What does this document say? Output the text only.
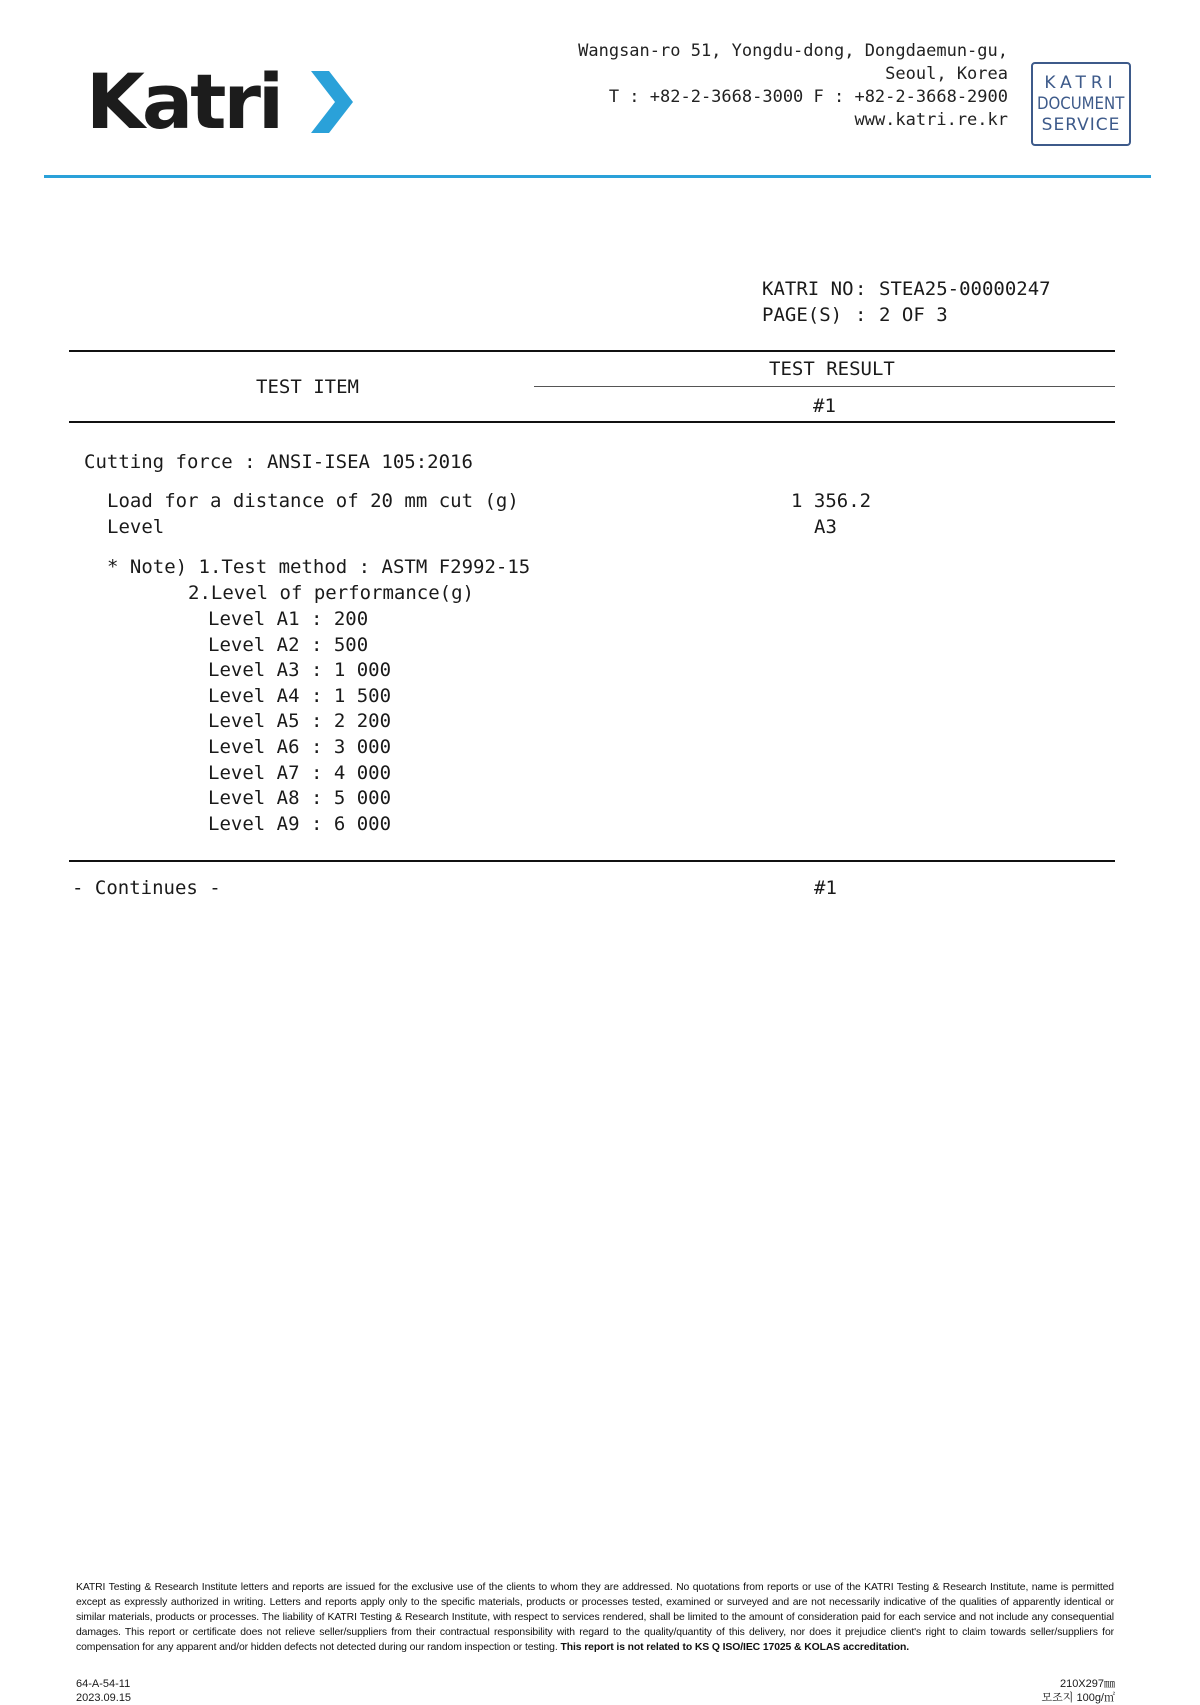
Katri
Wangsan-ro 51, Yongdu-dong, Dongdaemun-gu,
Seoul, Korea
T : +82-2-3668-3000 F : +82-2-3668-2900
www.katri.re.kr
KATRI
DOCUMENT
SERVICE
KATRI NO : STEA25-00000247
PAGE(S) : 2 OF 3
TEST ITEM
TEST RESULT
#1
Cutting force : ANSI-ISEA 105:2016
Load for a distance of 20 mm cut (g)	1 356.2
Level	A3
* Note) 1.Test method : ASTM F2992-15
2.Level of performance(g)
Level A1 : 200
Level A2 : 500
Level A3 : 1 000
Level A4 : 1 500
Level A5 : 2 200
Level A6 : 3 000
Level A7 : 4 000
Level A8 : 5 000
Level A9 : 6 000
- Continues -	#1
KATRI Testing & Research Institute letters and reports are issued for the exclusive use of the clients to whom they are addressed. No quotations from reports or use of the KATRI Testing & Research Institute, name is permitted except as expressly authorized in writing. Letters and reports apply only to the specific materials, products or processes tested, examined or surveyed and are not necessarily indicative of the qualities of apparently identical or similar materials, products or processes. The liability of KATRI Testing & Research Institute, with respect to services rendered, shall be limited to the amount of consideration paid for each service and not include any consequential damages. This report or certificate does not relieve seller/suppliers from their contractual responsibility with regard to the quality/quantity of this delivery, nor does it prejudice client's right to claim towards seller/suppliers for compensation for any apparent and/or hidden defects not detected during our random inspection or testing. This report is not related to KS Q ISO/IEC 17025 & KOLAS accreditation.
64-A-54-11
2023.09.15
210X297㎜
모조지 100g/㎡
